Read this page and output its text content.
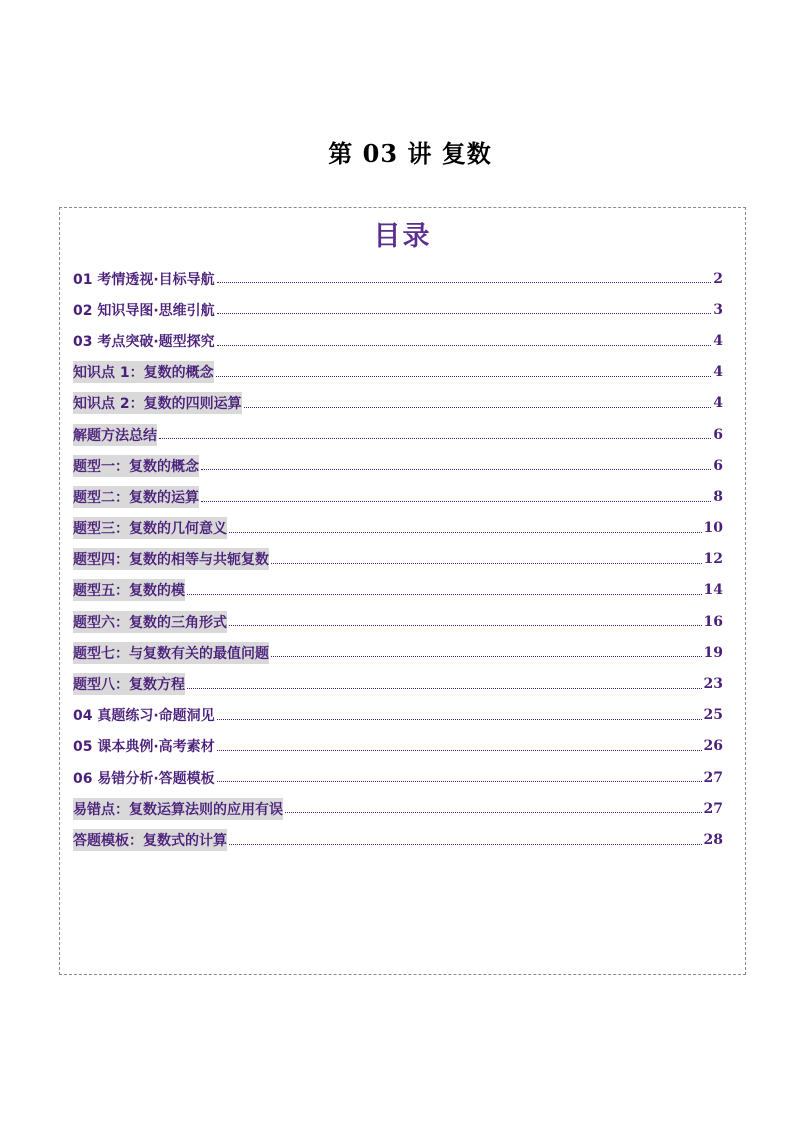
第 03 讲 复数
目录
01 考情透视·目标导航	2
02 知识导图·思维引航	3
03 考点突破·题型探究	4
知识点 1：复数的概念	4
知识点 2：复数的四则运算	4
解题方法总结	6
题型一：复数的概念	6
题型二：复数的运算	8
题型三：复数的几何意义	10
题型四：复数的相等与共轭复数	12
题型五：复数的模	14
题型六：复数的三角形式	16
题型七：与复数有关的最值问题	19
题型八：复数方程	23
04 真题练习·命题洞见	25
05 课本典例·高考素材	26
06 易错分析·答题模板	27
易错点：复数运算法则的应用有误	27
答题模板：复数式的计算	28
